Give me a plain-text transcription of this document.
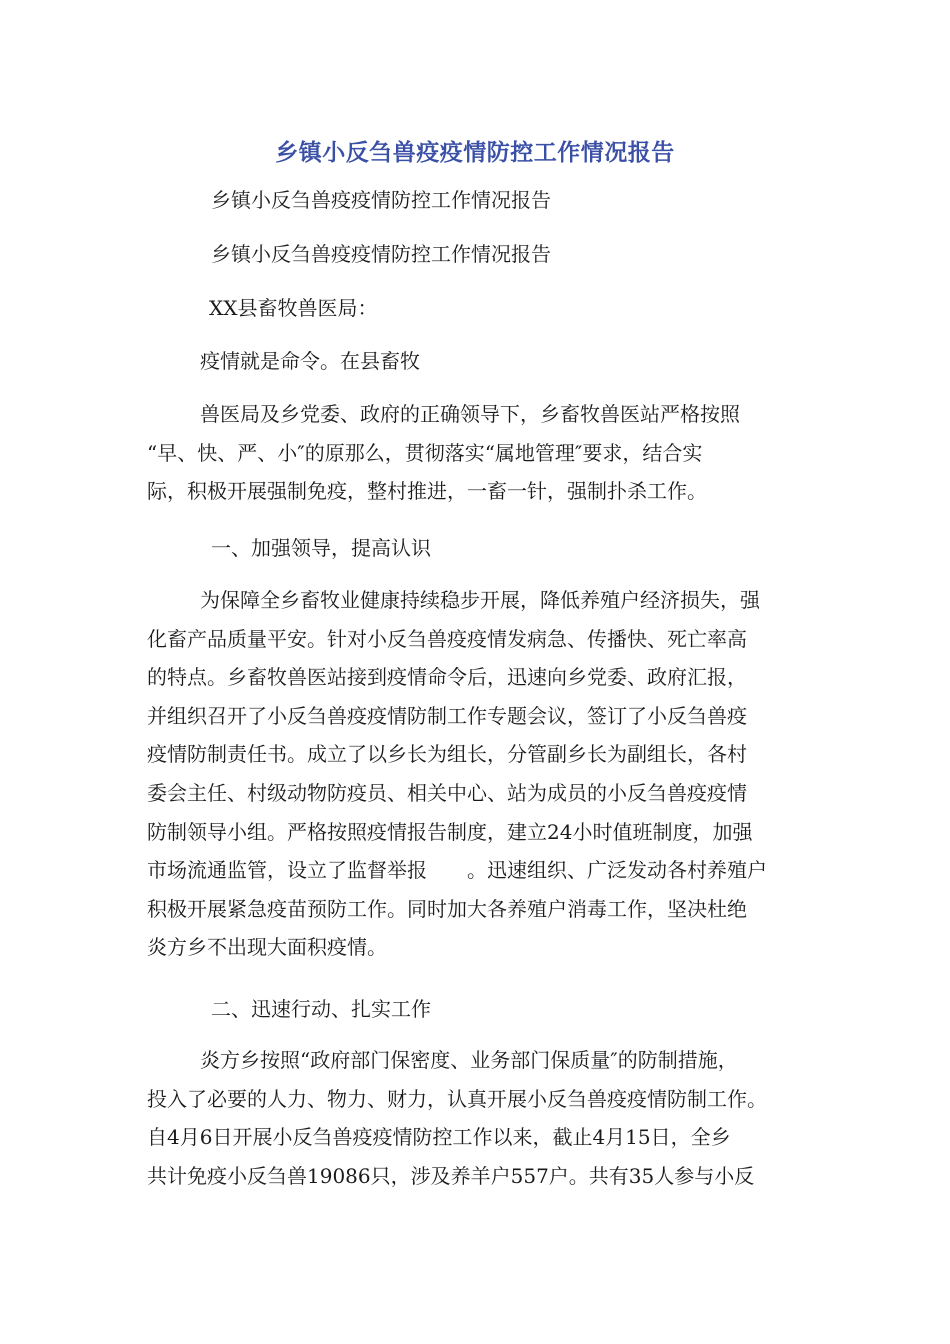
乡镇小反刍兽疫疫情防控工作情况报告
乡镇小反刍兽疫疫情防控工作情况报告
乡镇小反刍兽疫疫情防控工作情况报告
XX县畜牧兽医局：
疫情就是命令。在县畜牧
兽医局及乡党委、政府的正确领导下，乡畜牧兽医站严格按照
“早、快、严、小″的原那么，贯彻落实“属地管理″要求，结合实
际，积极开展强制免疫，整村推进，一畜一针，强制扑杀工作。
一、加强领导，提高认识
为保障全乡畜牧业健康持续稳步开展，降低养殖户经济损失，强
化畜产品质量平安。针对小反刍兽疫疫情发病急、传播快、死亡率高
的特点。乡畜牧兽医站接到疫情命令后，迅速向乡党委、政府汇报，
并组织召开了小反刍兽疫疫情防制工作专题会议，签订了小反刍兽疫
疫情防制责任书。成立了以乡长为组长，分管副乡长为副组长，各村
委会主任、村级动物防疫员、相关中心、站为成员的小反刍兽疫疫情
防制领导小组。严格按照疫情报告制度，建立24小时值班制度，加强
市场流通监管，设立了监督举报　　。迅速组织、广泛发动各村养殖户
积极开展紧急疫苗预防工作。同时加大各养殖户消毒工作，坚决杜绝
炎方乡不出现大面积疫情。
二、迅速行动、扎实工作
炎方乡按照“政府部门保密度、业务部门保质量″的防制措施，
投入了必要的人力、物力、财力，认真开展小反刍兽疫疫情防制工作。
自4月6日开展小反刍兽疫疫情防控工作以来，截止4月15日，全乡
共计免疫小反刍兽19086只，涉及养羊户557户。共有35人参与小反
